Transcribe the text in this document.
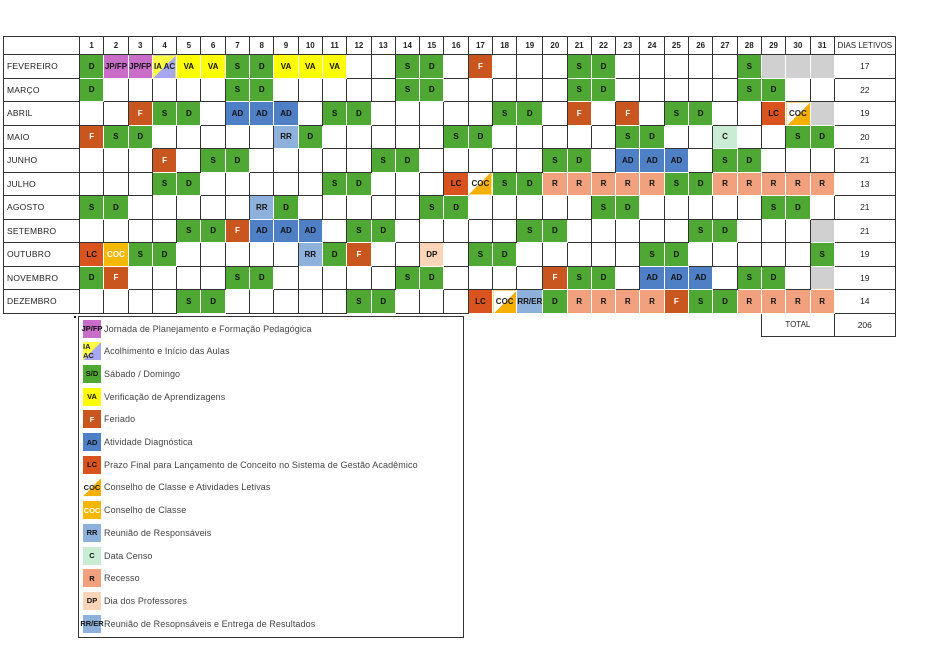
	1	2	3	4	5	6	7	8	9	10	11	12	13	14	15	16	17	18	19	20	21	22	23	24	25	26	27	28	29	30	31	DIAS LETIVOS
FEVEREIRO	D	JP/FP	JP/FP	IA AC	VA	VA	S	D	VA	VA	VA			S	D		F				S	D						S				17
MARÇO	D						S	D						S	D						S	D						S	D			22
ABRIL			F	S	D		AD	AD	AD		S	D						S	D		F		F		S	D			LC	COC		19
MAIO	F	S	D						RR	D						S	D						S	D			C			S	D	20
JUNHO				F		S	D						S	D						S	D		AD	AD	AD		S	D				21
JULHO				S	D						S	D				LC	COC	S	D	R	R	R	R	R	S	D	R	R	R	R	R	13
AGOSTO	S	D						RR	D						S	D						S	D						S	D		21
SETEMBRO					S	D	F	AD	AD	AD		S	D						S	D						S	D					21
OUTUBRO	LC	COC	S	D						RR	D	F			DP		S	D						S	D						S	19
NOVEMBRO	D	F					S	D						S	D					F	S	D		AD	AD	AD		S	D			19
DEZEMBRO					S	D						S	D				LC	COC	RR/ER	D	R	R	R	R	F	S	D	R	R	R	R	14
																													TOTAL			206
JP/FP Jornada de Planejamento e Formação Pedagógica
IA AC	Acolhimento e Início das Aulas
S/D Sábado / Domingo
VA Verificação de Aprendizagens
F	Feriado
AD Atividade Diagnóstica
LC Prazo Final para Lançamento de Conceito no Sistema de Gestão Acadêmico
COC Conselho de Classe e Atividades Letivas
COC Conselho de Classe
RR Reunião de Responsáveis
C	Data Censo
R	Recesso
DP Dia dos Professores
RR/ER Reunião de Resopnsáveis e Entrega de Resultados
